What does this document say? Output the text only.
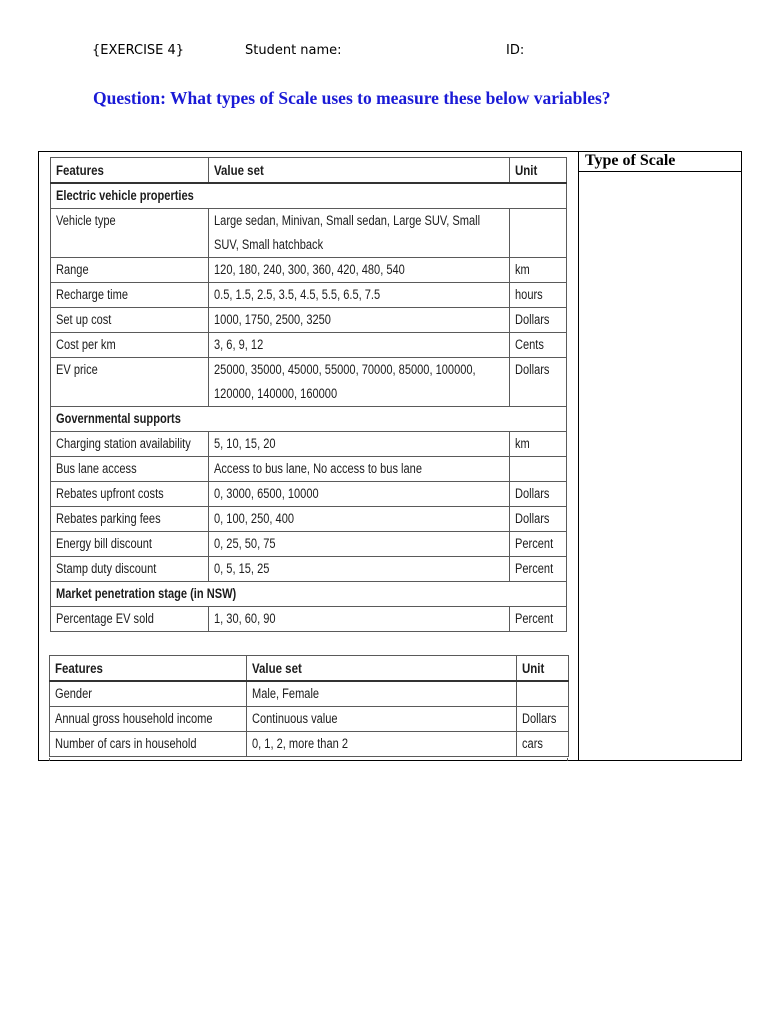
{EXERCISE 4}	Student name:	ID:
Question: What types of Scale uses to measure these below variables?
Type of Scale
Features	Value set	Unit
Electric vehicle properties		
Vehicle type	Large sedan, Minivan, Small sedan, Large SUV, Small
SUV, Small hatchback	
Range	120, 180, 240, 300, 360, 420, 480, 540	km
Recharge time	0.5, 1.5, 2.5, 3.5, 4.5, 5.5, 6.5, 7.5	hours
Set up cost	1000, 1750, 2500, 3250	Dollars
Cost per km	3, 6, 9, 12	Cents
EV price	25000, 35000, 45000, 55000, 70000, 85000, 100000,
120000, 140000, 160000	Dollars
Governmental supports		
Charging station availability	5, 10, 15, 20	km
Bus lane access	Access to bus lane, No access to bus lane	
Rebates upfront costs	0, 3000, 6500, 10000	Dollars
Rebates parking fees	0, 100, 250, 400	Dollars
Energy bill discount	0, 25, 50, 75	Percent
Stamp duty discount	0, 5, 15, 25	Percent
Market penetration stage (in NSW)		
Percentage EV sold	1, 30, 60, 90	Percent
Features	Value set	Unit
Gender	Male, Female	
Annual gross household income	Continuous value	Dollars
Number of cars in household	0, 1, 2, more than 2	cars
